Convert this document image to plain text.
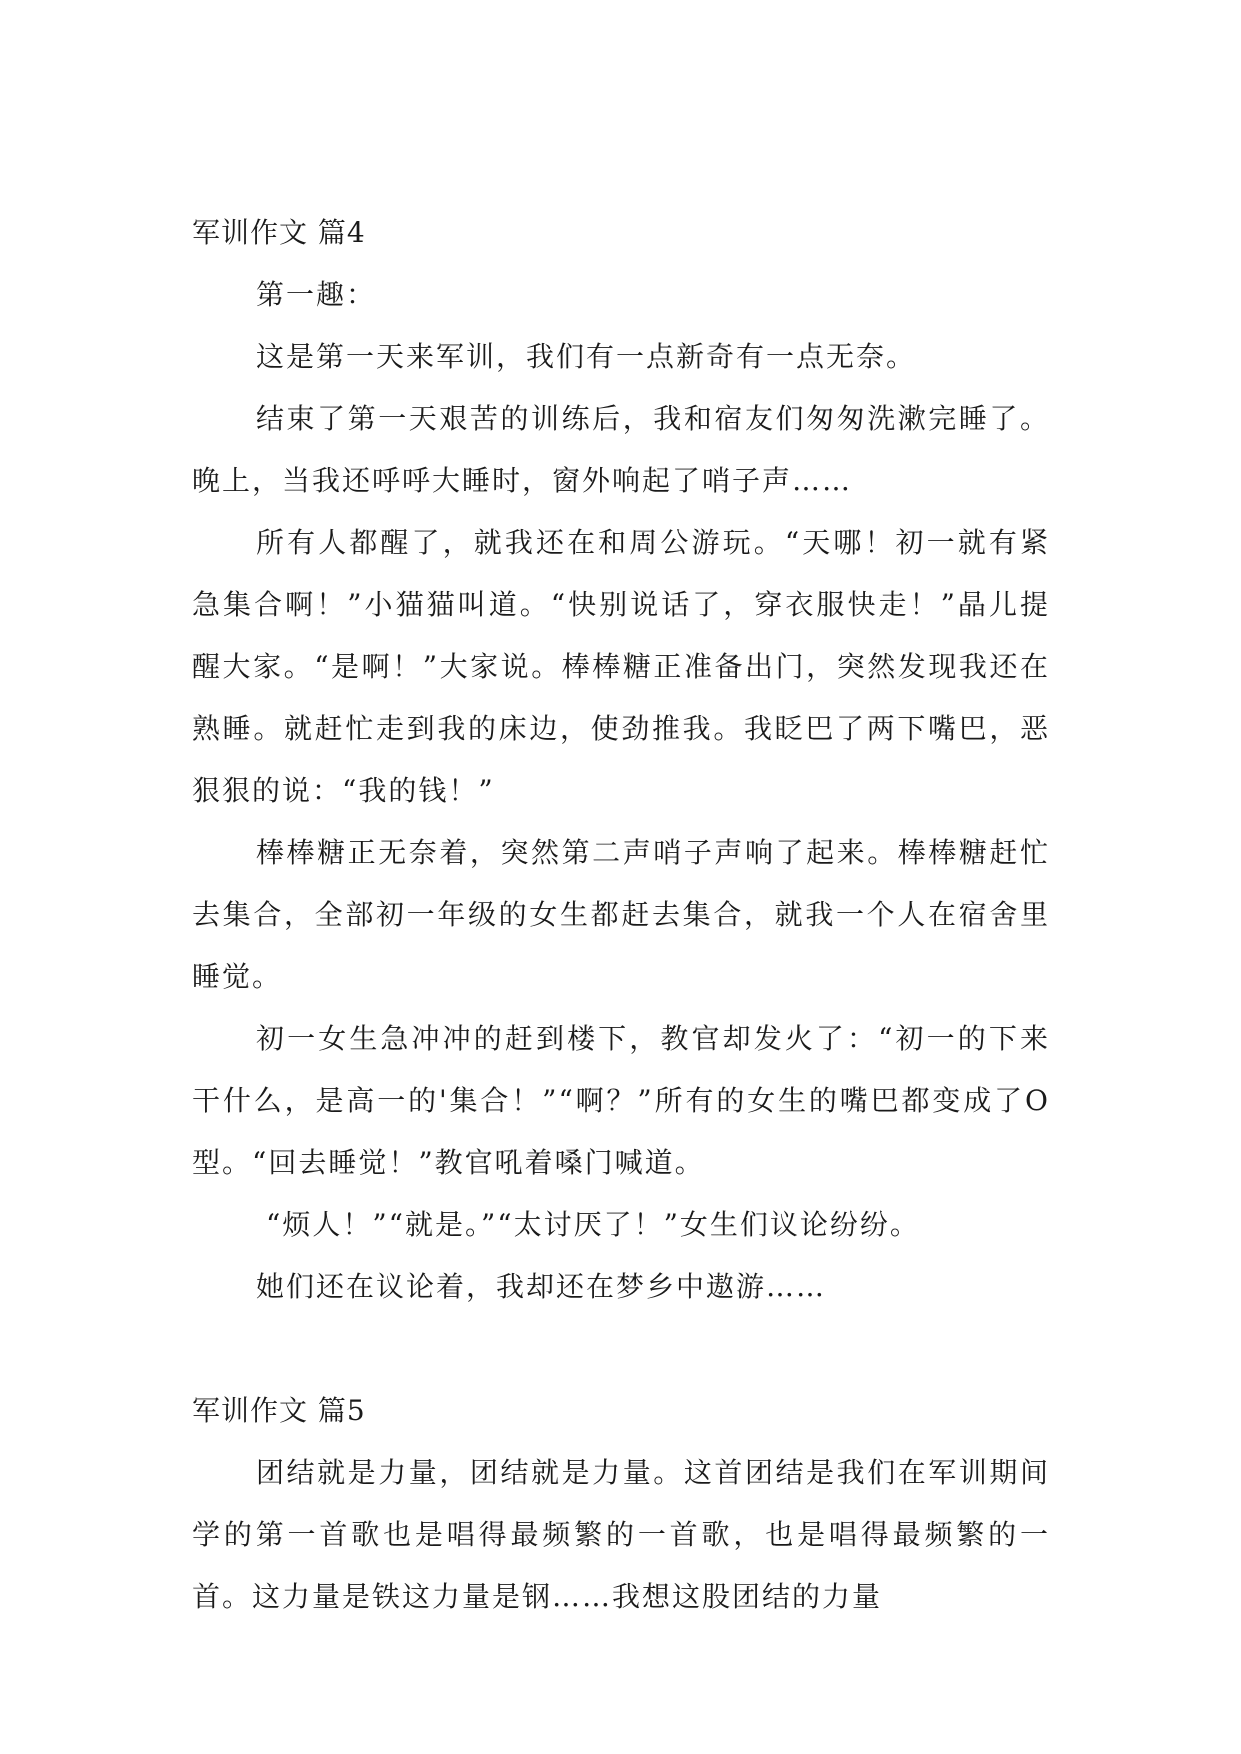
军训作文 篇4

第一趣：

这是第一天来军训，我们有一点新奇有一点无奈。

结束了第一天艰苦的训练后，我和宿友们匆匆洗漱完睡了。晚上，当我还呼呼大睡时，窗外响起了哨子声……

所有人都醒了，就我还在和周公游玩。“天哪！初一就有紧急集合啊！”小猫猫叫道。“快别说话了，穿衣服快走！”晶儿提醒大家。“是啊！”大家说。棒棒糖正准备出门，突然发现我还在熟睡。就赶忙走到我的床边，使劲推我。我眨巴了两下嘴巴，恶狠狠的说：“我的钱！”

棒棒糖正无奈着，突然第二声哨子声响了起来。棒棒糖赶忙去集合，全部初一年级的女生都赶去集合，就我一个人在宿舍里睡觉。

初一女生急冲冲的赶到楼下，教官却发火了：“初一的下来干什么，是高一的'集合！”“啊？”所有的女生的嘴巴都变成了O型。“回去睡觉！”教官吼着嗓门喊道。

“烦人！”“就是。”“太讨厌了！”女生们议论纷纷。

她们还在议论着，我却还在梦乡中遨游……

军训作文 篇5

团结就是力量，团结就是力量。这首团结是我们在军训期间学的第一首歌也是唱得最频繁的一首歌，也是唱得最频繁的一首。这力量是铁这力量是钢……我想这股团结的力量
